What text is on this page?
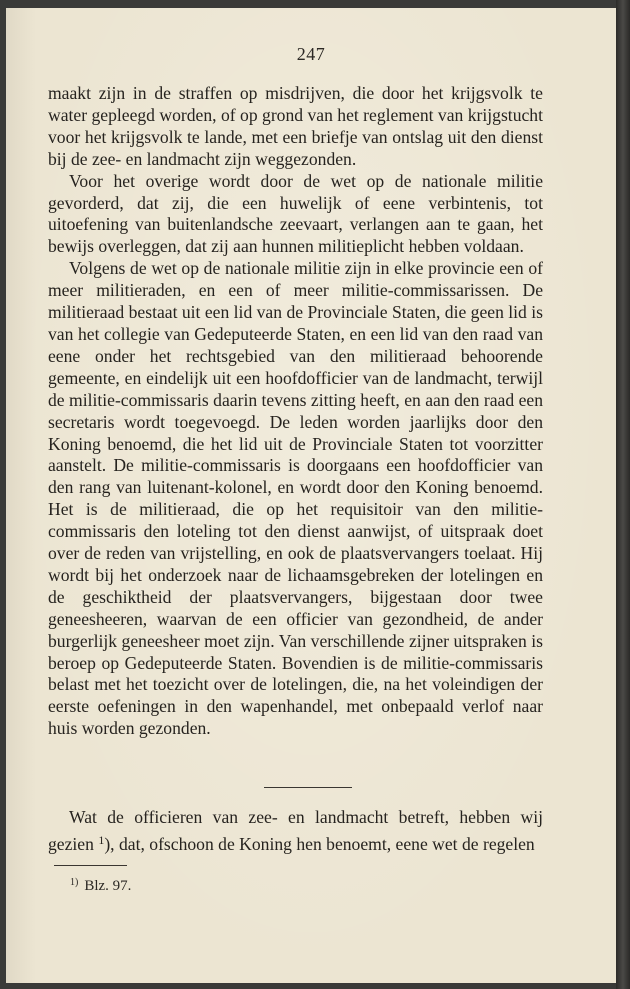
247

maakt zijn in de straffen op misdrijven, die door het krijgsvolk te water gepleegd worden, of op grond van het reglement van krijgstucht voor het krijgsvolk te lande, met een briefje van ontslag uit den dienst bij de zee- en landmacht zijn weggezonden.

Voor het overige wordt door de wet op de nationale militie gevorderd, dat zij, die een huwelijk of eene verbintenis, tot uitoefening van buitenlandsche zeevaart, verlangen aan te gaan, het bewijs overleggen, dat zij aan hunnen militieplicht hebben voldaan.

Volgens de wet op de nationale militie zijn in elke provincie een of meer militieraden, en een of meer militie-commissarissen. De militieraad bestaat uit een lid van de Provinciale Staten, die geen lid is van het collegie van Gedeputeerde Staten, en een lid van den raad van eene onder het rechtsgebied van den militieraad behoorende gemeente, en eindelijk uit een hoofdofficier van de landmacht, terwijl de militie-commissaris daarin tevens zitting heeft, en aan den raad een secretaris wordt toegevoegd. De leden worden jaarlijks door den Koning benoemd, die het lid uit de Provinciale Staten tot voorzitter aanstelt. De militie-commissaris is doorgaans een hoofdofficier van den rang van luitenant-kolonel, en wordt door den Koning benoemd. Het is de militieraad, die op het requisitoir van den militie-commissaris den loteling tot den dienst aanwijst, of uitspraak doet over de reden van vrijstelling, en ook de plaatsvervangers toelaat. Hij wordt bij het onderzoek naar de lichaamsgebreken der lotelingen en de geschiktheid der plaatsvervangers, bijgestaan door twee geneesheeren, waarvan de een officier van gezondheid, de ander burgerlijk geneesheer moet zijn. Van verschillende zijner uitspraken is beroep op Gedeputeerde Staten. Bovendien is de militie-commissaris belast met het toezicht over de lotelingen, die, na het voleindigen der eerste oefeningen in den wapenhandel, met onbepaald verlof naar huis worden gezonden.

Wat de officieren van zee- en landmacht betreft, hebben wij gezien $^1$), dat, ofschoon de Koning hen benoemt, eene wet de regelen

$^{1)}$ Blz. 97.
